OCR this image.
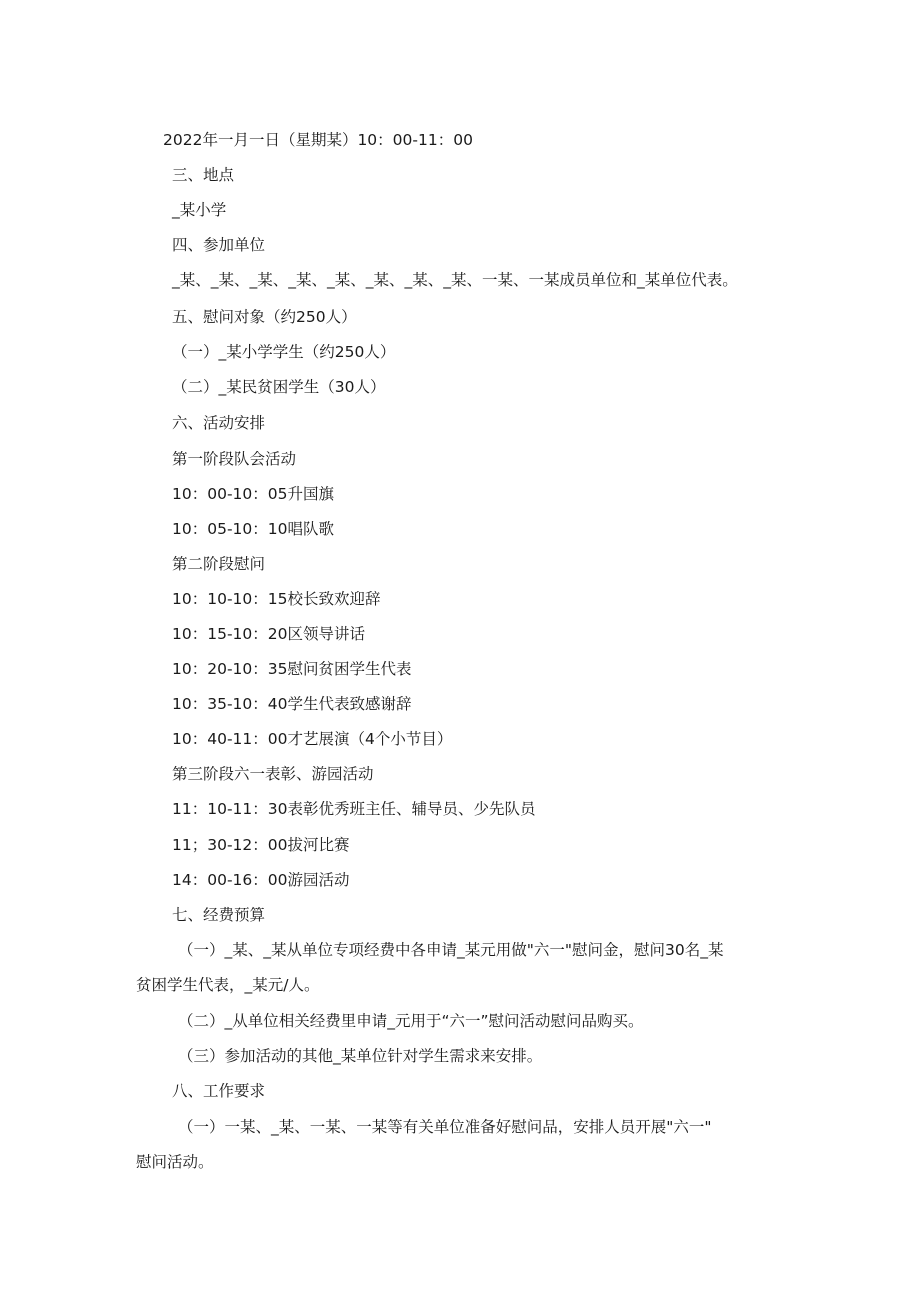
2022年一月一日（星期某）10：00-11：00
三、地点
_某小学
四、参加单位
_某、_某、_某、_某、_某、_某、_某、_某、一某、一某成员单位和_某单位代表。
五、慰问对象（约250人）
（一）_某小学学生（约250人）
（二）_某民贫困学生（30人）
六、活动安排
第一阶段队会活动
10：00-10：05升国旗
10：05-10：10唱队歌
第二阶段慰问
10：10-10：15校长致欢迎辞
10：15-10：20区领导讲话
10：20-10：35慰问贫困学生代表
10：35-10：40学生代表致感谢辞
10：40-11：00才艺展演（4个小节目）
第三阶段六一表彰、游园活动
11：10-11：30表彰优秀班主任、辅导员、少先队员
11；30-12：00拔河比赛
14：00-16：00游园活动
七、经费预算
（一）_某、_某从单位专项经费中各申请_某元用做"六一"慰问金，慰问30名_某
贫困学生代表，_某元/人。
（二）_从单位相关经费里申请_元用于“六一”慰问活动慰问品购买。
（三）参加活动的其他_某单位针对学生需求来安排。
八、工作要求
（一）一某、_某、一某、一某等有关单位准备好慰问品，安排人员开展"六一"
慰问活动。
